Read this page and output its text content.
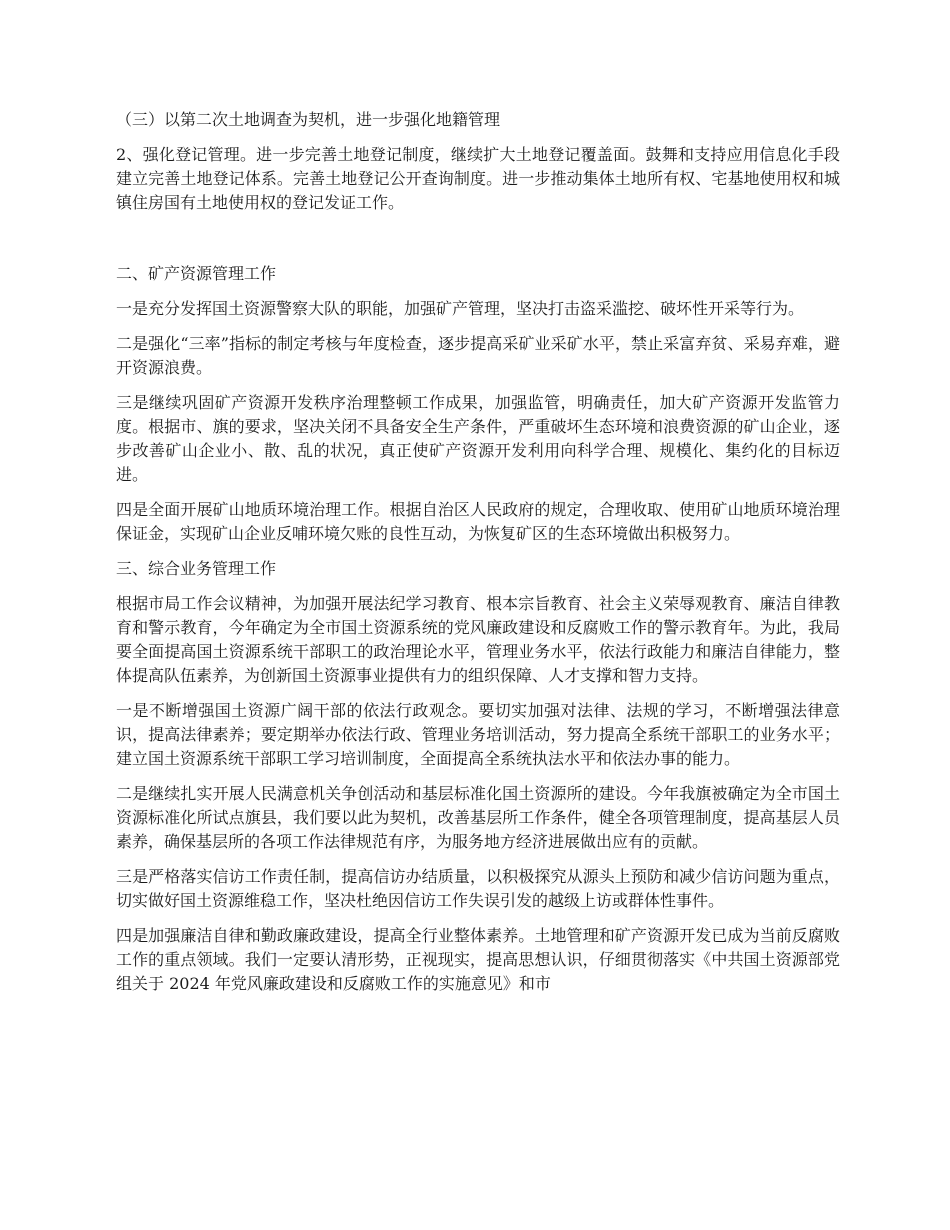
（三）以第二次土地调查为契机，进一步强化地籍管理

2、强化登记管理。进一步完善土地登记制度，继续扩大土地登记覆盖面。鼓舞和支持应用信息化手段建立完善土地登记体系。完善土地登记公开查询制度。进一步推动集体土地所有权、宅基地使用权和城镇住房国有土地使用权的登记发证工作。

二、矿产资源管理工作

一是充分发挥国土资源警察大队的职能，加强矿产管理，坚决打击盗采滥挖、破坏性开采等行为。

二是强化“三率”指标的制定考核与年度检查，逐步提高采矿业采矿水平，禁止采富弃贫、采易弃难，避开资源浪费。

三是继续巩固矿产资源开发秩序治理整顿工作成果，加强监管，明确责任，加大矿产资源开发监管力度。根据市、旗的要求，坚决关闭不具备安全生产条件，严重破坏生态环境和浪费资源的矿山企业，逐步改善矿山企业小、散、乱的状况，真正使矿产资源开发利用向科学合理、规模化、集约化的目标迈进。

四是全面开展矿山地质环境治理工作。根据自治区人民政府的规定，合理收取、使用矿山地质环境治理保证金，实现矿山企业反哺环境欠账的良性互动，为恢复矿区的生态环境做出积极努力。

三、综合业务管理工作

根据市局工作会议精神，为加强开展法纪学习教育、根本宗旨教育、社会主义荣辱观教育、廉洁自律教育和警示教育，今年确定为全市国土资源系统的党风廉政建设和反腐败工作的警示教育年。为此，我局要全面提高国土资源系统干部职工的政治理论水平，管理业务水平，依法行政能力和廉洁自律能力，整体提高队伍素养，为创新国土资源事业提供有力的组织保障、人才支撑和智力支持。

一是不断增强国土资源广阔干部的依法行政观念。要切实加强对法律、法规的学习，不断增强法律意识，提高法律素养；要定期举办依法行政、管理业务培训活动，努力提高全系统干部职工的业务水平；建立国土资源系统干部职工学习培训制度，全面提高全系统执法水平和依法办事的能力。

二是继续扎实开展人民满意机关争创活动和基层标准化国土资源所的建设。今年我旗被确定为全市国土资源标准化所试点旗县，我们要以此为契机，改善基层所工作条件，健全各项管理制度，提高基层人员素养，确保基层所的各项工作法律规范有序，为服务地方经济进展做出应有的贡献。

三是严格落实信访工作责任制，提高信访办结质量，以积极探究从源头上预防和减少信访问题为重点，切实做好国土资源维稳工作，坚决杜绝因信访工作失误引发的越级上访或群体性事件。

四是加强廉洁自律和勤政廉政建设，提高全行业整体素养。土地管理和矿产资源开发已成为当前反腐败工作的重点领域。我们一定要认清形势，正视现实，提高思想认识，仔细贯彻落实《中共国土资源部党组关于 2024 年党风廉政建设和反腐败工作的实施意见》和市
